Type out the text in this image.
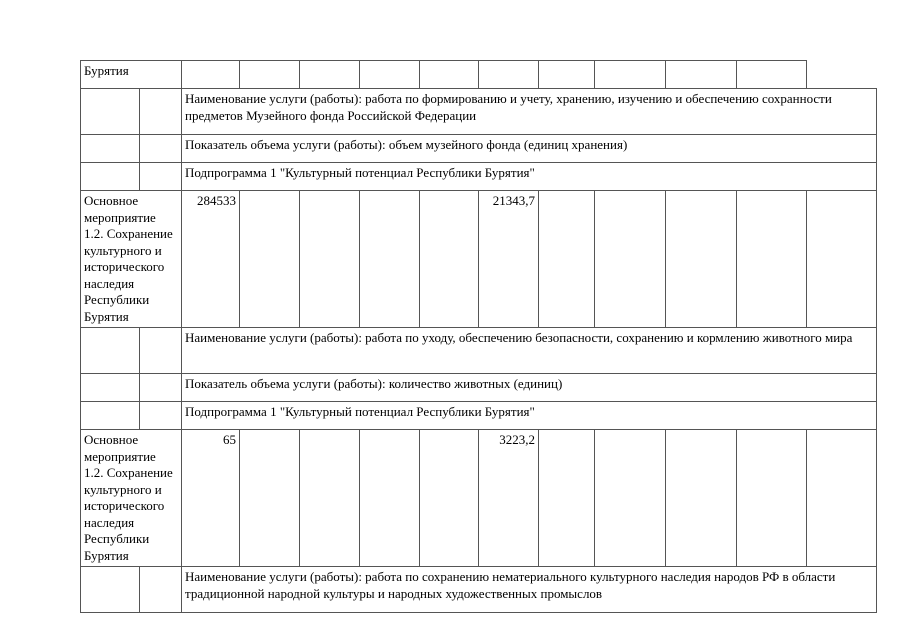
Бурятия												
		Наименование услуги (работы): работа по формированию и учету, хранению, изучению и обеспечению сохранности предметов Музейного фонда Российской Федерации										
		Показатель объема услуги (работы): объем музейного фонда (единиц хранения)										
		Подпрограмма 1 "Культурный потенциал Республики Бурятия"										
Основное мероприятие 1.2. Сохранение культурного и исторического наследия Республики Бурятия		284533					21343,7					
		Наименование услуги (работы): работа по уходу, обеспечению безопасности, сохранению и кормлению животного мира										
		Показатель объема услуги (работы): количество животных (единиц)										
		Подпрограмма 1 "Культурный потенциал Республики Бурятия"										
Основное мероприятие 1.2. Сохранение культурного и исторического наследия Республики Бурятия		65					3223,2					
		Наименование услуги (работы): работа по сохранению нематериального культурного наследия народов РФ в области традиционной народной культуры и народных художественных промыслов										
